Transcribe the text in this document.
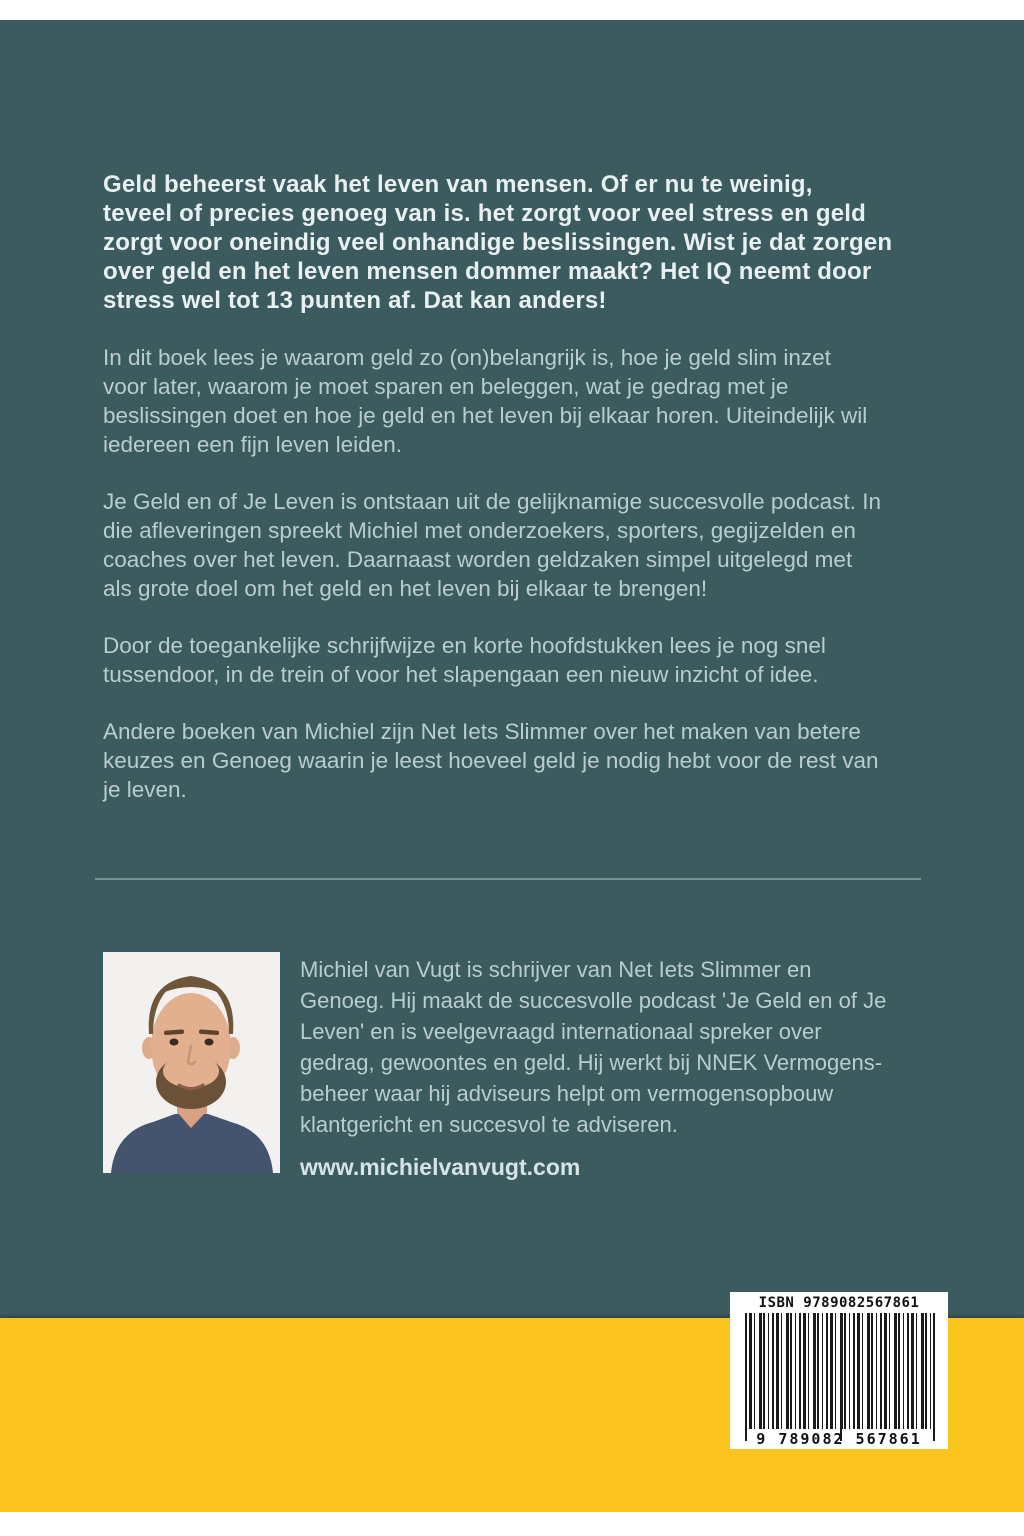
Geld beheerst vaak het leven van mensen. Of er nu te weinig,
teveel of precies genoeg van is. het zorgt voor veel stress en geld
zorgt voor oneindig veel onhandige beslissingen. Wist je dat zorgen
over geld en het leven mensen dommer maakt? Het IQ neemt door
stress wel tot 13 punten af. Dat kan anders!
In dit boek lees je waarom geld zo (on)belangrijk is, hoe je geld slim inzet
voor later, waarom je moet sparen en beleggen, wat je gedrag met je
beslissingen doet en hoe je geld en het leven bij elkaar horen. Uiteindelijk wil
iedereen een fijn leven leiden.
Je Geld en of Je Leven is ontstaan uit de gelijknamige succesvolle podcast. In
die afleveringen spreekt Michiel met onderzoekers, sporters, gegijzelden en
coaches over het leven. Daarnaast worden geldzaken simpel uitgelegd met
als grote doel om het geld en het leven bij elkaar te brengen!
Door de toegankelijke schrijfwijze en korte hoofdstukken lees je nog snel
tussendoor, in de trein of voor het slapengaan een nieuw inzicht of idee.
Andere boeken van Michiel zijn Net Iets Slimmer over het maken van betere
keuzes en Genoeg waarin je leest hoeveel geld je nodig hebt voor de rest van
je leven.
Michiel van Vugt is schrijver van Net Iets Slimmer en
Genoeg. Hij maakt de succesvolle podcast 'Je Geld en of Je
Leven' en is veelgevraagd internationaal spreker over
gedrag, gewoontes en geld. Hij werkt bij NNEK Vermogens-
beheer waar hij adviseurs helpt om vermogensopbouw
klantgericht en succesvol te adviseren.
www.michielvanvugt.com
ISBN 9789082567861
9 789082 567861
